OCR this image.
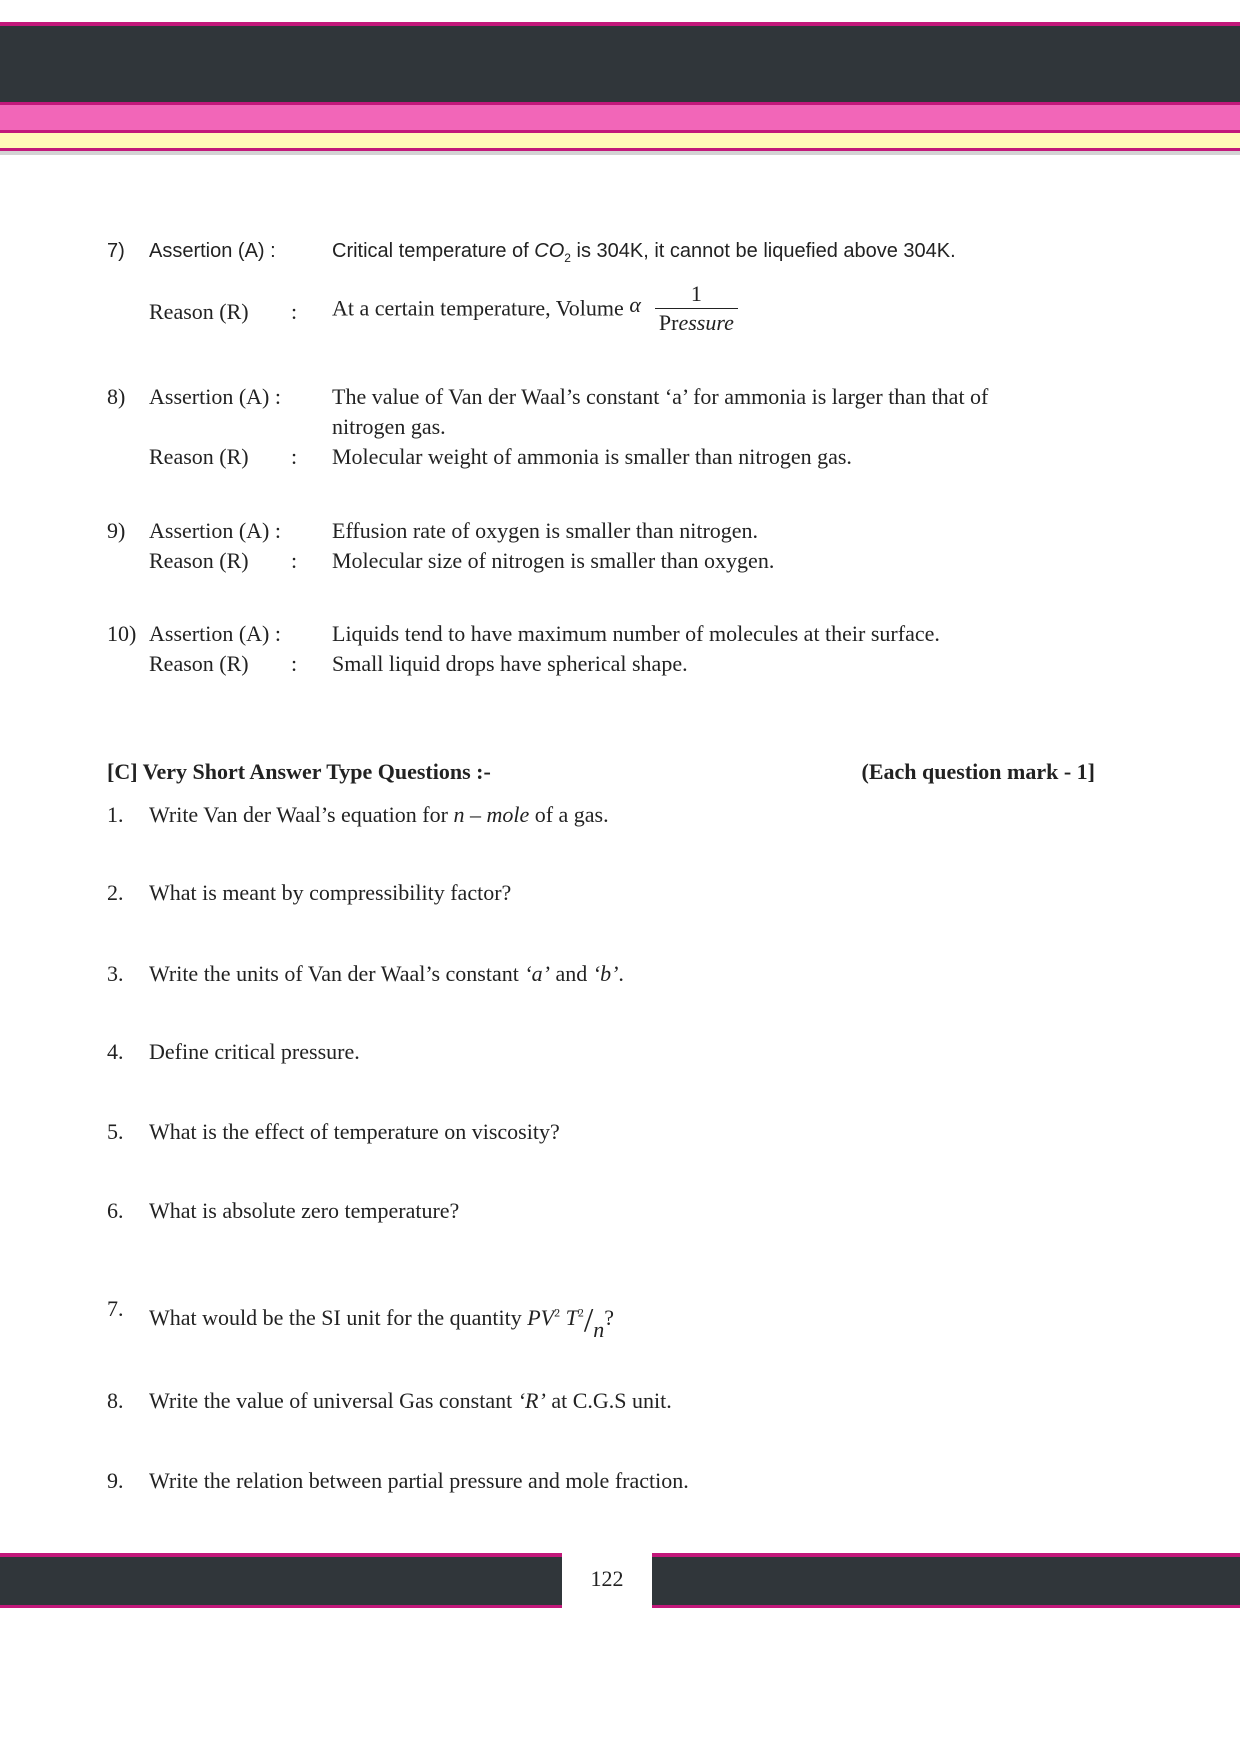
7) Assertion (A) :	Critical temperature of $CO_2$ is 304K, it cannot be liquefied above 304K.
Reason (R) : At a certain temperature, Volume α $\frac{1}{\text{Pressure}}$
8) Assertion (A) : The value of Van der Waal’s constant ‘a’ for ammonia is larger than that of
nitrogen gas.
Reason (R) : Molecular weight of ammonia is smaller than nitrogen gas.
9) Assertion (A) : Effusion rate of oxygen is smaller than nitrogen.
Reason (R) : Molecular size of nitrogen is smaller than oxygen.
10) Assertion (A) : Liquids tend to have maximum number of molecules at their surface.
Reason (R) : Small liquid drops have spherical shape.
[C] Very Short Answer Type Questions :-	(Each question mark - 1]
1. Write Van der Waal’s equation for n – mole of a gas.
2. What is meant by compressibility factor?
3. Write the units of Van der Waal’s constant ‘a’ and ‘b’.
4. Define critical pressure.
5. What is the effect of temperature on viscosity?
6. What is absolute zero temperature?
7. What would be the SI unit for the quantity $PV^2$ $T^2/n$?
8. Write the value of universal Gas constant ‘R’ at C.G.S unit.
9. Write the relation between partial pressure and mole fraction.
122
